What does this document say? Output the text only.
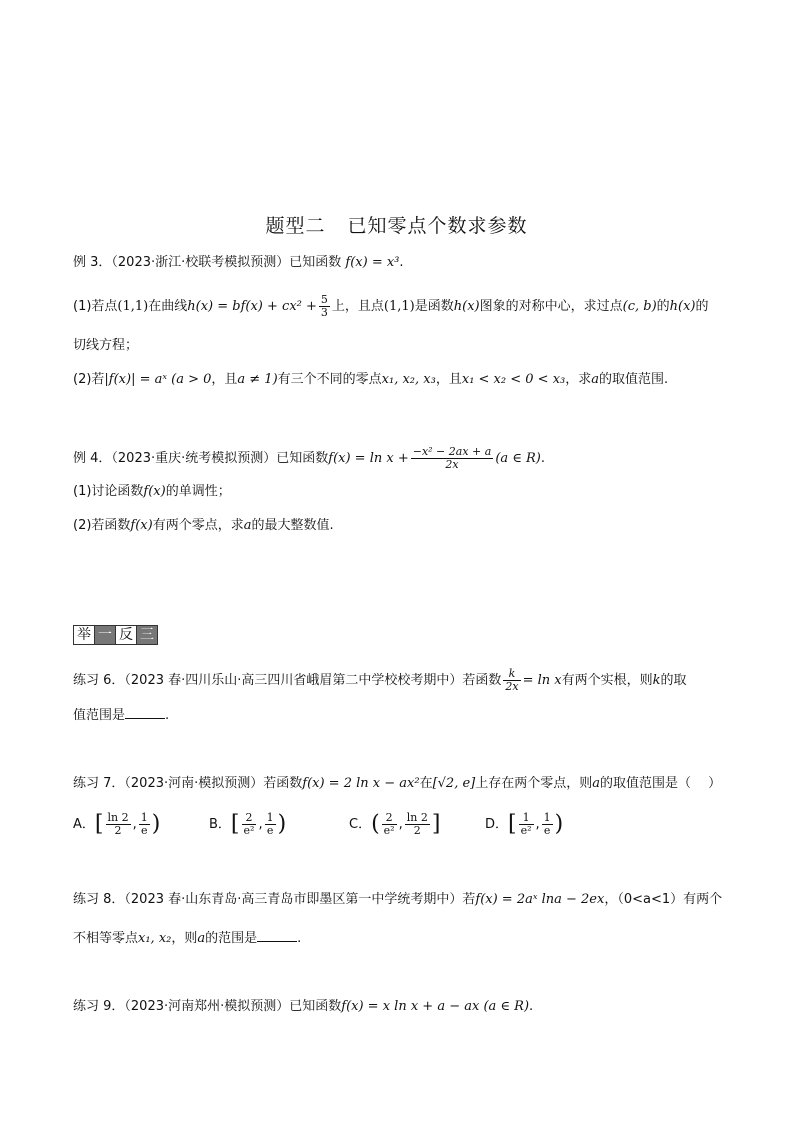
题型二 已知零点个数求参数
例 3．（2023·浙江·校联考模拟预测）已知函数 f(x) = x³.
(1)若点(1,1)在曲线$h(x) = bf(x) + cx^2 + \frac{5}{3}$ 上，且点(1,1)是函数h(x)图象的对称中心，求过点(c, b)的h(x)的
切线方程；
(2)若|f(x)| = aˣ (a > 0，且a ≠ 1)有三个不同的零点x₁, x₂, x₃，且x₁ < x₂ < 0 < x₃，求a的取值范围.
例 4．（2023·重庆·统考模拟预测）已知函数$f(x) = \ln x + \frac{\text{−x² − 2ax + a}}{2x} (a$ ∈ R).
(1)讨论函数f(x)的单调性；
(2)若函数f(x)有两个零点，求a的最大整数值.
举 一 反 三
练习 6．（2023 春·四川乐山·高三四川省峨眉第二中学校校考期中）若函数 $\frac{k}{2x} = \ln x$有两个实根，则k的取
值范围是	.
练习 7．（2023·河南·模拟预测）若函数f(x) = 2 ln x − ax²在[√2, e]上存在两个零点，则a的取值范围是（　 ）
A．[ $\frac{\ln 2}{2}$ , $\frac{1}{e}$ )	B．[ $\frac{2}{\text{e²}}$ , $\frac{1}{e}$ )	C．( $\frac{2}{\text{e²}}$ , $\frac{\ln 2}{2}$ ]	D．[ $\frac{1}{\text{e²}}$ , $\frac{1}{e}$ )
练习 8．（2023 春·山东青岛·高三青岛市即墨区第一中学统考期中）若f(x) = 2aˣ lna − 2ex，（0<a<1）有两个
不相等零点x₁, x₂，则a的范围是	.
练习 9．（2023·河南郑州·模拟预测）已知函数f(x) = x ln x + a − ax (a ∈ R).
